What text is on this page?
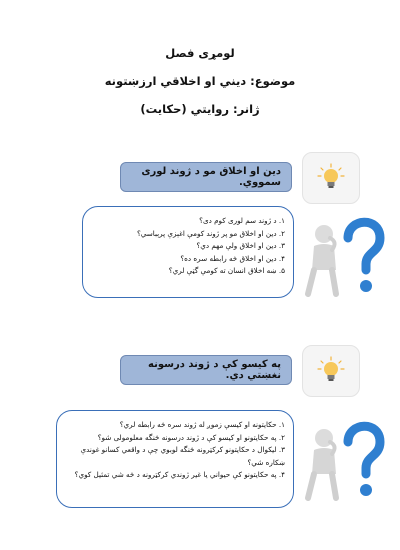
لومړی فصل
موضوع: ديني او اخلاقي ارزښتونه
ژانر: روايتي (حکايت)
دين او اخلاق مو د ژوند لورى سمووي.
۱. د ژوند سم لوری کوم دی؟
۲. دين او اخلاق مو پر ژوند کومې اغېزې پرېباسي؟
۳. دين او اخلاق ولې مهم دي؟
۴. دين او اخلاق څه رابطه سره ده؟
۵. ښه اخلاق انسان ته کومې گټې لري؟
په کيسو کې د ژوند درسونه نغښتي دي.
۱. حکايتونه او کيسې زموږ له ژوند سره څه رابطه لري؟
۲. په حکايتونو او کيسو کې د ژوند درسونه څنگه معلومولی شو؟
۳. ليکوال د حکايتونو کرکټرونه څنگه لوبوي چې د واقعي کسانو غوندې
ښکاره شي؟
۴. په حکايتونو کې حيواني يا غير ژوندي کرکټرونه د څه شي تمثيل کوي؟
